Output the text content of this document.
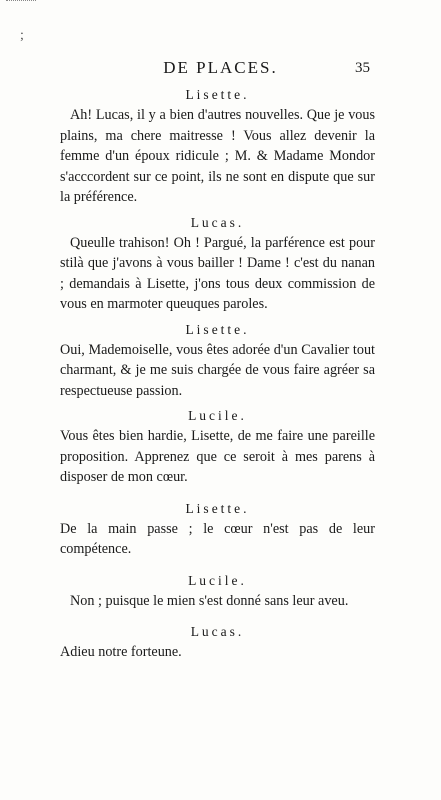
;
DE PLACES.	35

Lisette.

Ah! Lucas, il y a bien d'autres nouvelles. Que je vous plains, ma chere maitresse ! Vous allez devenir la femme d'un époux ridicule ; M. & Madame Mondor s'acccordent sur ce point, ils ne sont en dispute que sur la préférence.

Lucas.

Queulle trahison! Oh ! Pargué, la parférence est pour stilà que j'avons à vous bailler ! Dame ! c'est du nanan ; demandais à Lisette, j'ons tous deux commission de vous en marmoter queuques paroles.

Lisette.

Oui, Mademoiselle, vous êtes adorée d'un Cavalier tout charmant, & je me suis chargée de vous faire agréer sa respectueuse passion.

Lucile.

Vous êtes bien hardie, Lisette, de me faire une pareille proposition. Apprenez que ce seroit à mes parens à disposer de mon cœur.

Lisette.

De la main passe ; le cœur n'est pas de leur compétence.

Lucile.

Non ; puisque le mien s'est donné sans leur aveu.

Lucas.

Adieu notre forteune.
